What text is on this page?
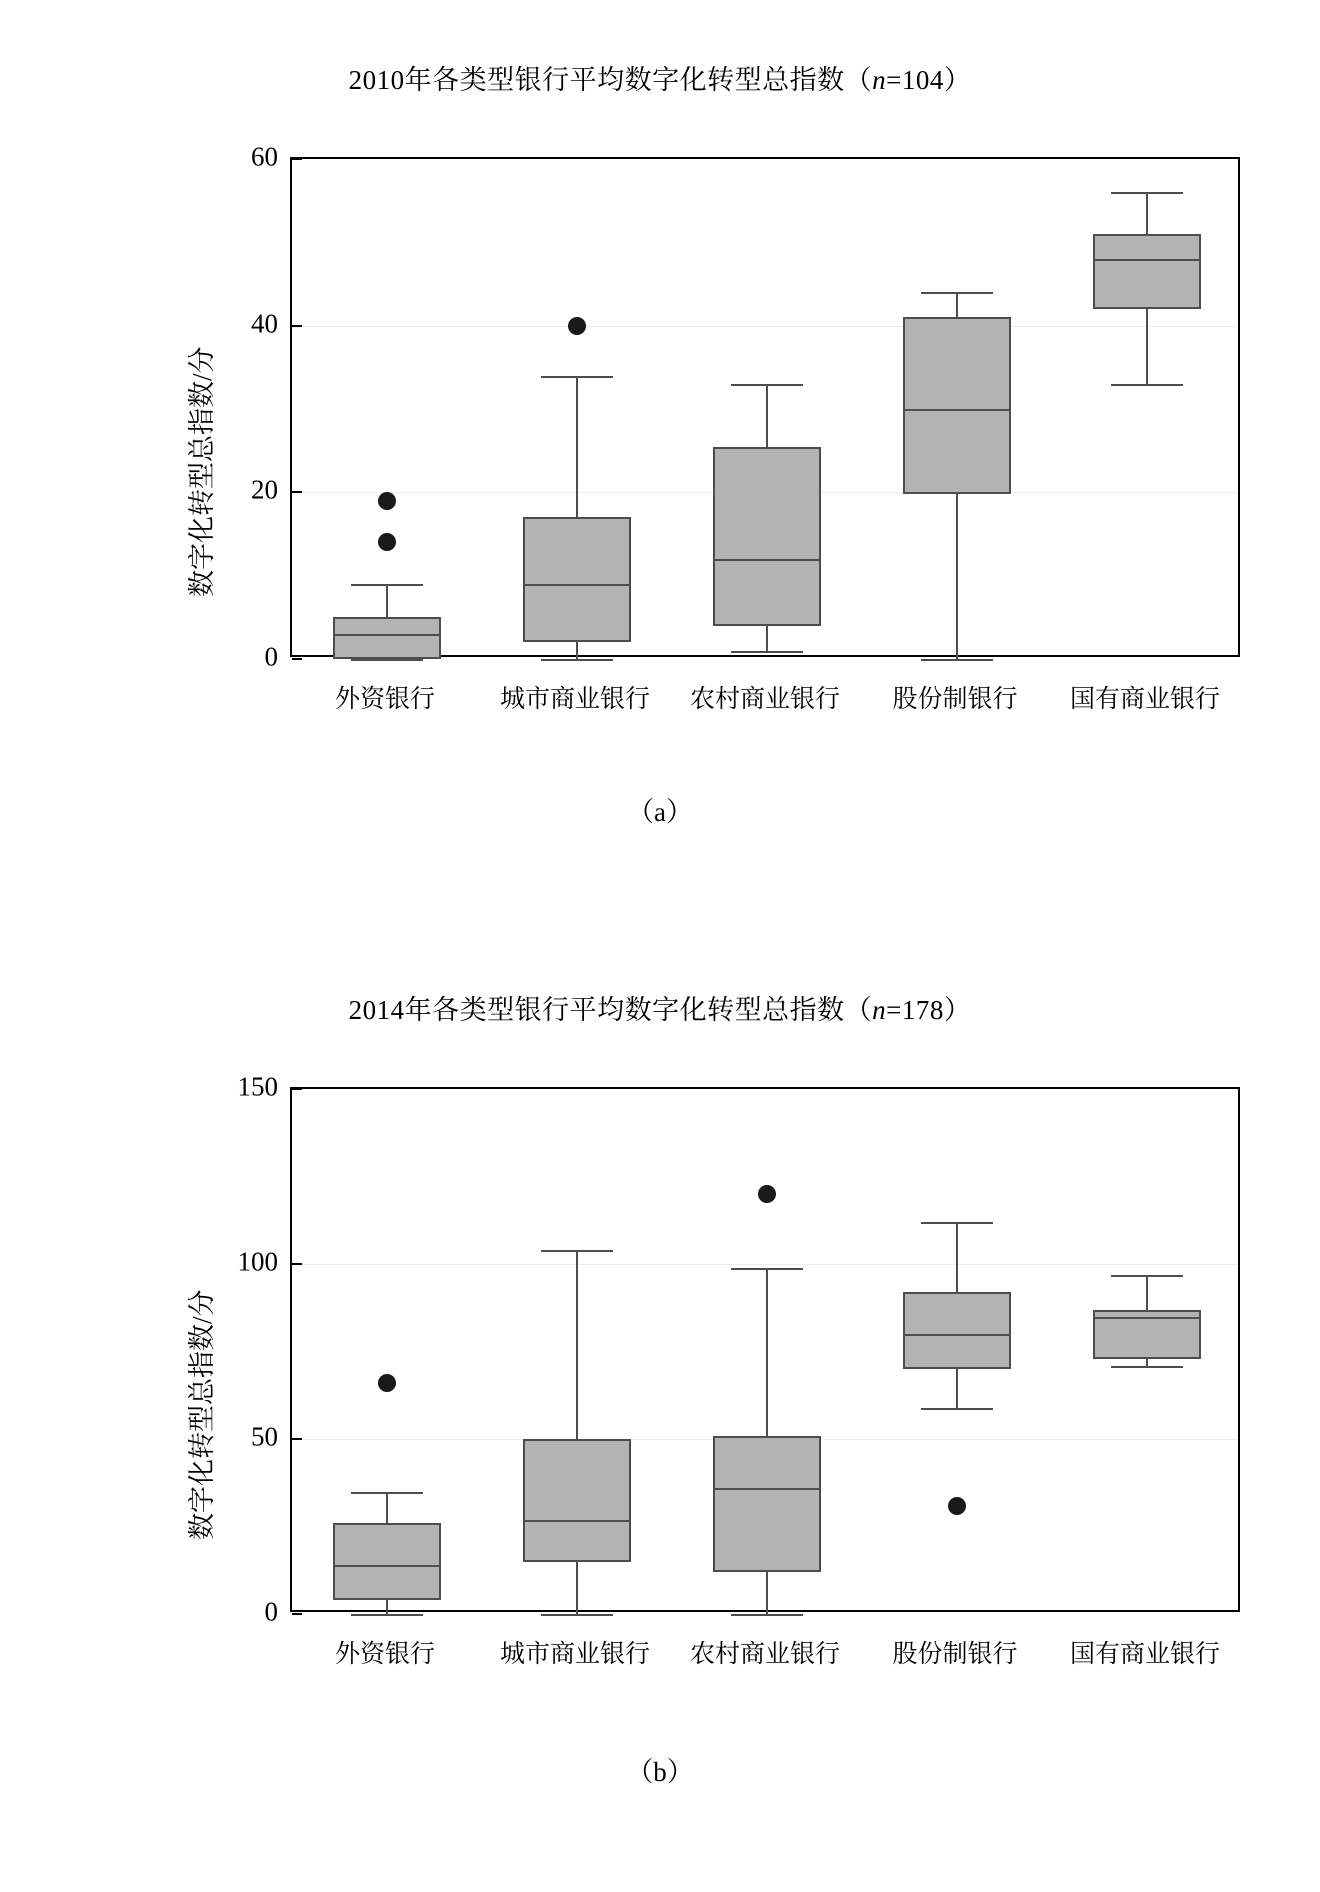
2010年各类型银行平均数字化转型总指数（n=104）
数字化转型总指数/分
0
20
40
60
外资银行	城市商业银行 农村商业银行 股份制银行 国有商业银行
（a）
2014年各类型银行平均数字化转型总指数（n=178）
数字化转型总指数/分
0
50
100
150
外资银行	城市商业银行 农村商业银行 股份制银行 国有商业银行
（b）
